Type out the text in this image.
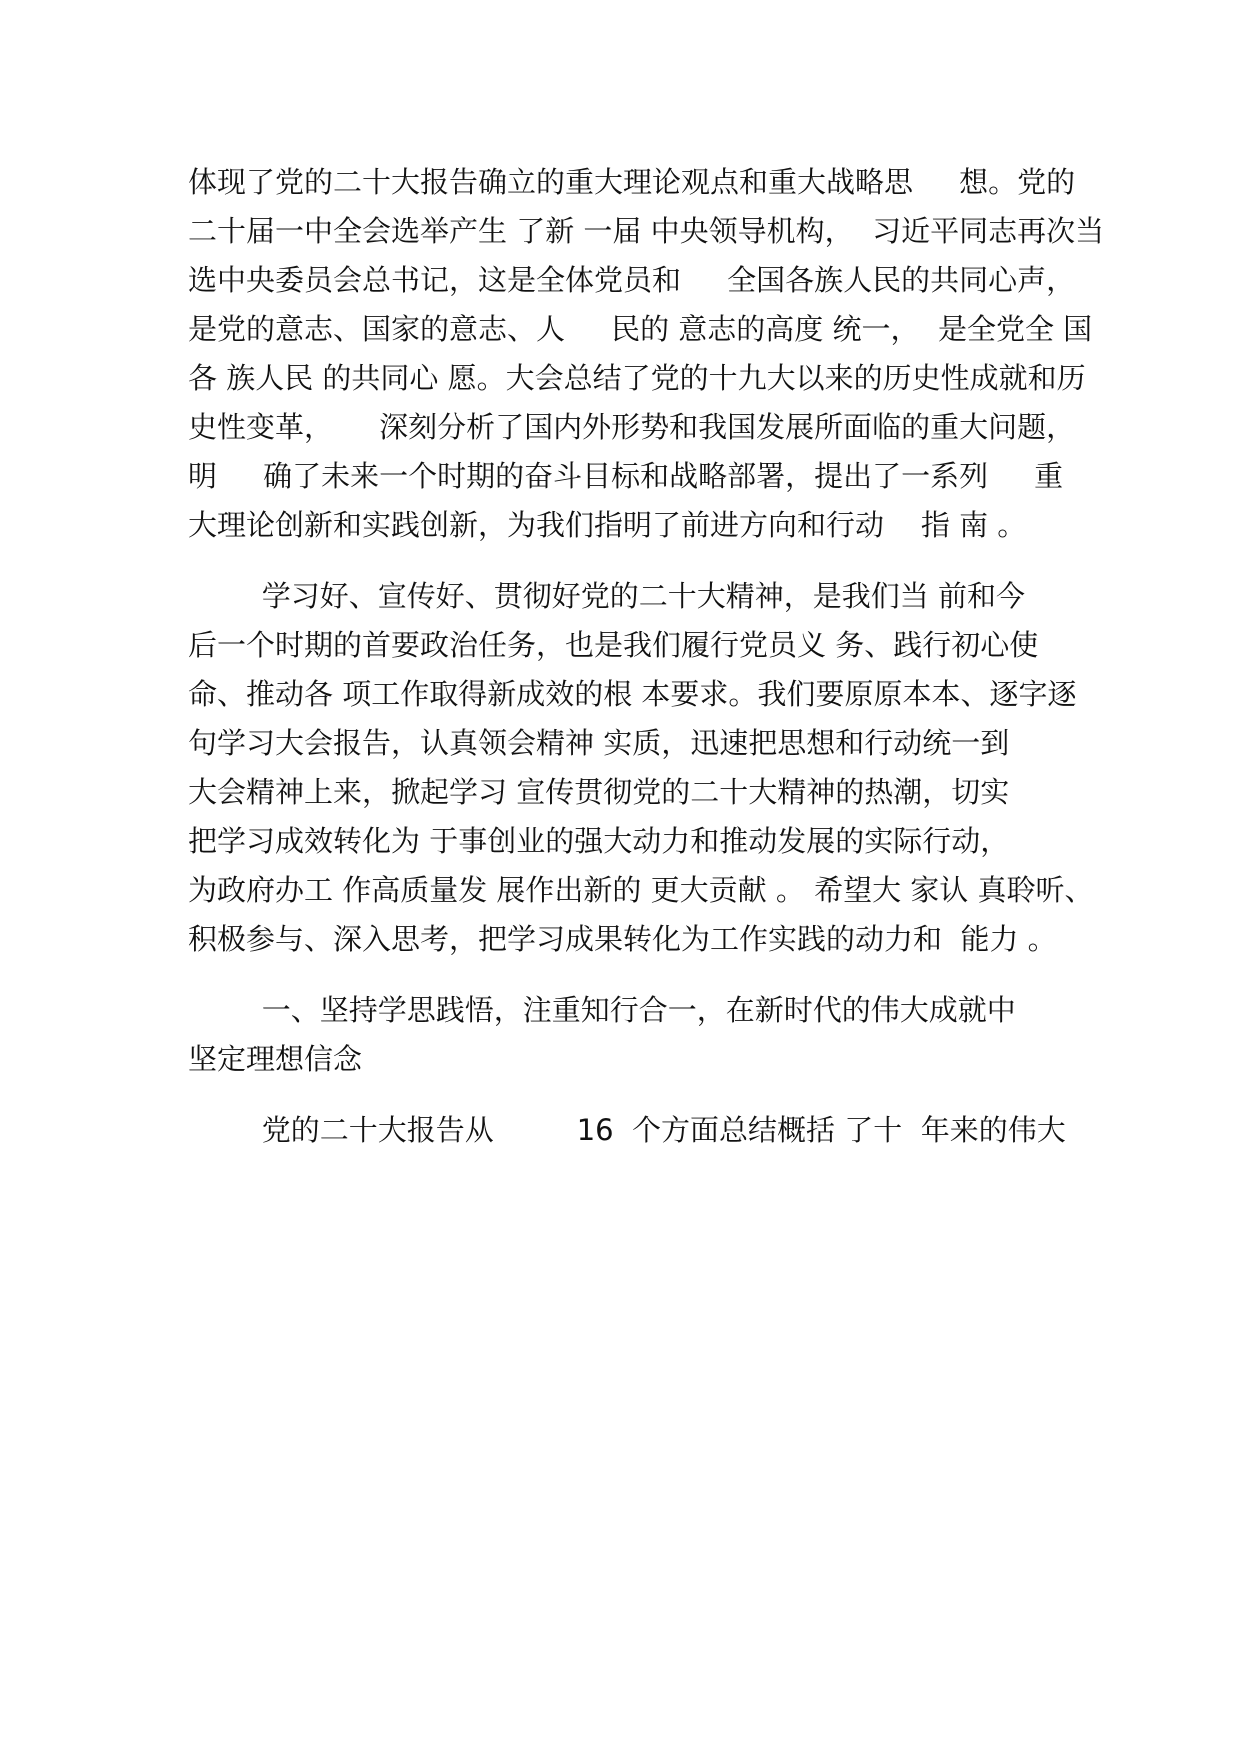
体现了党的二十大报告确立的重大理论观点和重大战略思     想。党的
二十届一中全会选举产生 了新 一届 中央领导机构，  习近平同志再次当
选中央委员会总书记，这是全体党员和     全国各族人民的共同心声，
是党的意志、国家的意志、人     民的 意志的高度 统一，  是全党全 国
各 族人民 的共同心 愿。大会总结了党的十九大以来的历史性成就和历
史性变革，     深刻分析了国内外形势和我国发展所面临的重大问题，
明     确了未来一个时期的奋斗目标和战略部署，提出了一系列     重
大理论创新和实践创新，为我们指明了前进方向和行动    指 南 。
学习好、宣传好、贯彻好党的二十大精神，是我们当 前和今
后一个时期的首要政治任务，也是我们履行党员义 务、践行初心使
命、推动各 项工作取得新成效的根 本要求。我们要原原本本、逐字逐
句学习大会报告，认真领会精神 实质，迅速把思想和行动统一到
大会精神上来，掀起学习 宣传贯彻党的二十大精神的热潮，切实
把学习成效转化为 于事创业的强大动力和推动发展的实际行动，
为政府办工 作高质量发 展作出新的 更大贡献 。 希望大 家认 真聆听、
积极参与、深入思考，把学习成果转化为工作实践的动力和  能力 。
一、坚持学思践悟，注重知行合一，在新时代的伟大成就中
坚定理想信念
党的二十大报告从         16  个方面总结概括 了十  年来的伟大
